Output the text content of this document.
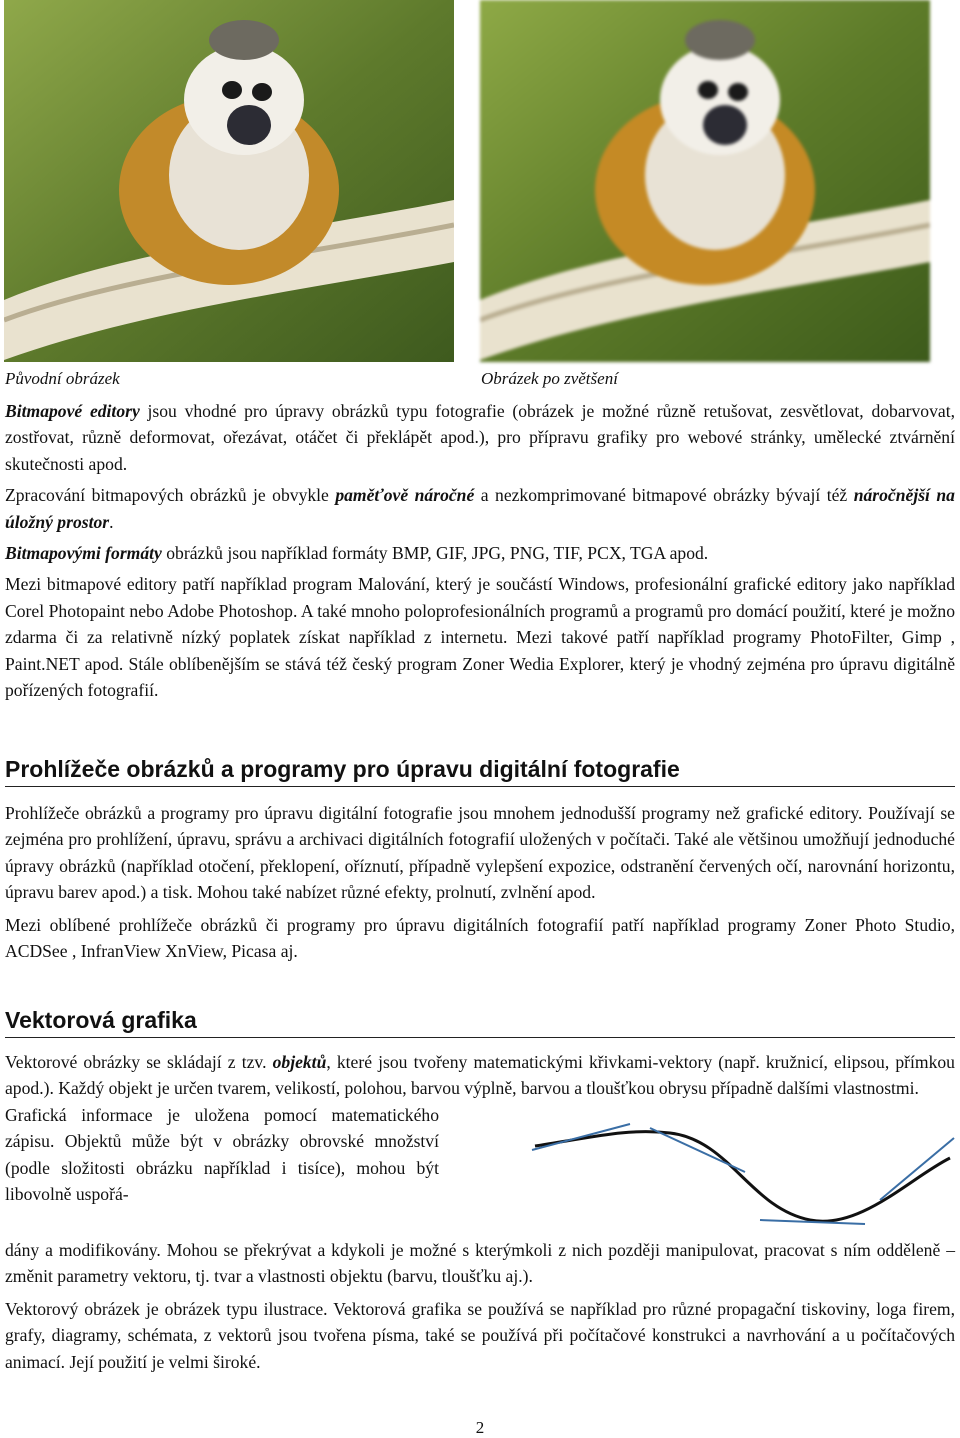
Původní obrázek	Obrázek po zvětšení

Bitmapové editory jsou vhodné pro úpravy obrázků typu fotografie (obrázek je možné různě retušovat, zesvětlovat, dobarvovat, zostřovat, různě deformovat, ořezávat, otáčet či překlápět apod.), pro přípravu grafiky pro webové stránky, umělecké ztvárnění skutečnosti apod.

Zpracování bitmapových obrázků je obvykle paměťově náročné a nezkomprimované bitmapové obrázky bývají též náročnější na úložný prostor.

Bitmapovými formáty obrázků jsou například formáty BMP, GIF, JPG, PNG, TIF, PCX, TGA apod.

Mezi bitmapové editory patří například program Malování, který je součástí Windows, profesionální grafické editory jako například Corel Photopaint nebo Adobe Photoshop. A také mnoho poloprofesionálních programů a programů pro domácí použití, které je možno zdarma či za relativně nízký poplatek získat například z internetu. Mezi takové patří například programy PhotoFilter, Gimp , Paint.NET apod. Stále oblíbenějším se stává též český program Zoner Wedia Explorer, který je vhodný zejména pro úpravu digitálně pořízených fotografií.

Prohlížeče obrázků a programy pro úpravu digitální fotografie

Prohlížeče obrázků a programy pro úpravu digitální fotografie jsou mnohem jednodušší programy než grafické editory. Používají se zejména pro prohlížení, úpravu, správu a archivaci digitálních fotografií uložených v počítači. Také ale většinou umožňují jednoduché úpravy obrázků (například otočení, překlopení, oříznutí, případně vylepšení expozice, odstranění červených očí, narovnání horizontu, úpravu barev apod.) a tisk. Mohou také nabízet různé efekty, prolnutí, zvlnění apod.

Mezi oblíbené prohlížeče obrázků či programy pro úpravu digitálních fotografií patří například programy Zoner Photo Studio, ACDSee , InfranView XnView, Picasa aj.

Vektorová grafika

Vektorové obrázky se skládají z tzv. objektů, které jsou tvořeny matematickými křivkami-vektory (např. kružnicí, elipsou, přímkou apod.). Každý objekt je určen tvarem, velikostí, polohou, barvou výplně, barvou a tloušťkou obrysu případně dalšími vlastnostmi.

Grafická informace je uložena pomocí matematického zápisu. Objektů může být v obrázky obrovské množství (podle složitosti obrázku například i tisíce), mohou být libovolně uspořá-

dány a modifikovány. Mohou se překrývat a kdykoli je možné s kterýmkoli z nich později manipulovat, pracovat s ním odděleně – změnit parametry vektoru, tj. tvar a vlastnosti objektu (barvu, tloušťku aj.).

Vektorový obrázek je obrázek typu ilustrace. Vektorová grafika se používá se například pro různé propagační tiskoviny, loga firem, grafy, diagramy, schémata, z vektorů jsou tvořena písma, také se používá při počítačové konstrukci a navrhování a u počítačových animací. Její použití je velmi široké.

2
